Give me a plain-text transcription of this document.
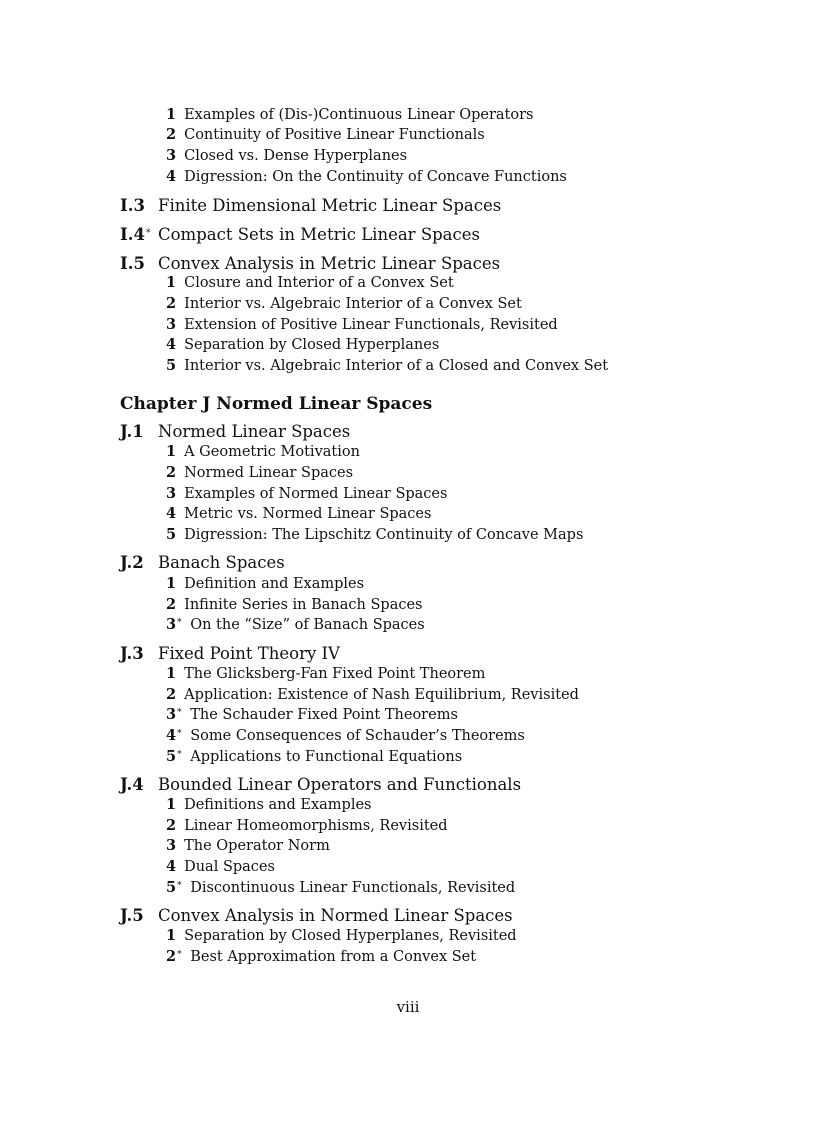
1 Examples of (Dis-)Continuous Linear Operators
2 Continuity of Positive Linear Functionals
3 Closed vs. Dense Hyperplanes
4 Digression: On the Continuity of Concave Functions
I.3 Finite Dimensional Metric Linear Spaces
I.4∗ Compact Sets in Metric Linear Spaces
I.5 Convex Analysis in Metric Linear Spaces
1 Closure and Interior of a Convex Set
2 Interior vs. Algebraic Interior of a Convex Set
3 Extension of Positive Linear Functionals, Revisited
4 Separation by Closed Hyperplanes
5 Interior vs. Algebraic Interior of a Closed and Convex Set
Chapter J Normed Linear Spaces
J.1 Normed Linear Spaces
1 A Geometric Motivation
2 Normed Linear Spaces
3 Examples of Normed Linear Spaces
4 Metric vs. Normed Linear Spaces
5 Digression: The Lipschitz Continuity of Concave Maps
J.2 Banach Spaces
1 Definition and Examples
2 Infinite Series in Banach Spaces
3∗ On the “Size” of Banach Spaces
J.3 Fixed Point Theory IV
1 The Glicksberg-Fan Fixed Point Theorem
2 Application: Existence of Nash Equilibrium, Revisited
3∗ The Schauder Fixed Point Theorems
4∗ Some Consequences of Schauder’s Theorems
5∗ Applications to Functional Equations
J.4 Bounded Linear Operators and Functionals
1 Definitions and Examples
2 Linear Homeomorphisms, Revisited
3 The Operator Norm
4 Dual Spaces
5∗ Discontinuous Linear Functionals, Revisited
J.5 Convex Analysis in Normed Linear Spaces
1 Separation by Closed Hyperplanes, Revisited
2∗ Best Approximation from a Convex Set
viii
